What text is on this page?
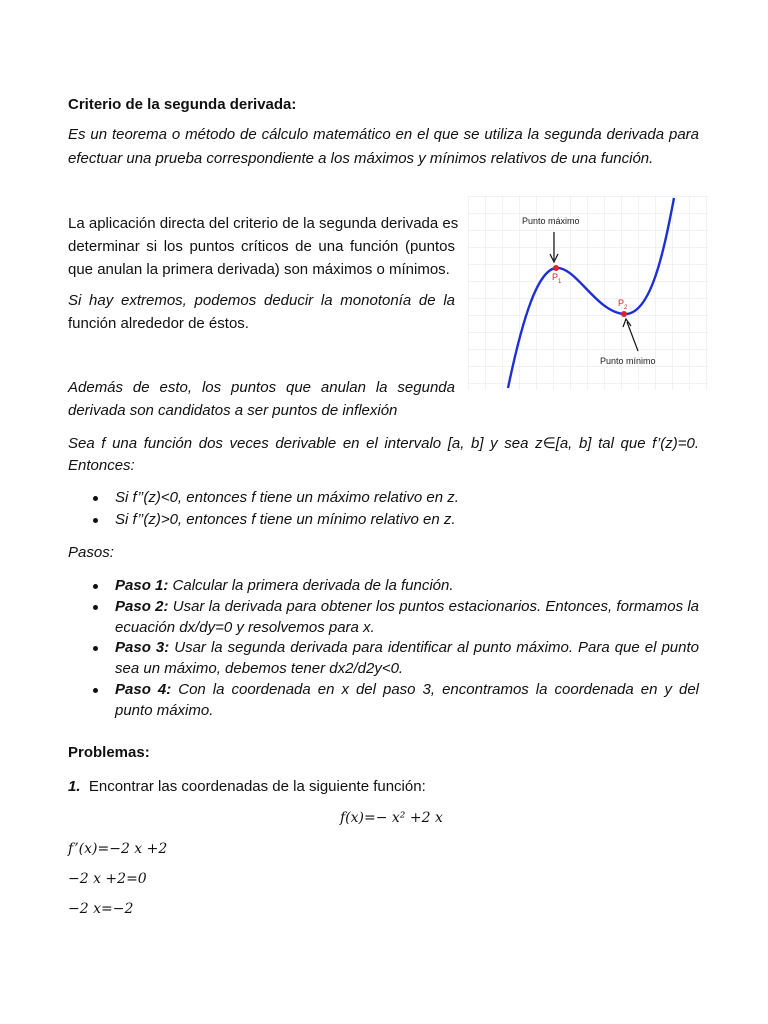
Criterio de la segunda derivada:
Es un teorema o método de cálculo matemático en el que se utiliza la segunda derivada para
efectuar una prueba correspondiente a los máximos y mínimos relativos de una función.
La aplicación directa del criterio de la segunda derivada es
determinar si los puntos críticos de una función (puntos
que anulan la primera derivada) son máximos o mínimos.
Si hay extremos, podemos deducir la monotonía de la
función alrededor de éstos.
Además de esto, los puntos que anulan la segunda
derivada son candidatos a ser puntos de inflexión
Punto máximo
Punto mínimo
$P_1$
$P_2$
Sea f una función dos veces derivable en el intervalo [a, b] y sea z∈[a, b] tal que f’(z)=0.
Entonces:
Si f’’(z)<0, entonces f tiene un máximo relativo en z.
Si f’’(z)>0, entonces f tiene un mínimo relativo en z.
Pasos:
Paso 1: Calcular la primera derivada de la función.
Paso 2: Usar la derivada para obtener los puntos estacionarios. Entonces, formamos la
ecuación dx/dy=0 y resolvemos para x.
Paso 3: Usar la segunda derivada para identificar al punto máximo. Para que el punto
sea un máximo, debemos tener dx2/d2y<0.
Paso 4: Con la coordenada en x del paso 3, encontramos la coordenada en y del
punto máximo.
Problemas:
1. Encontrar las coordenadas de la siguiente función:
f(x)=− x² +2 x
f’(x)=−2 x +2
−2 x +2=0
−2 x=−2
